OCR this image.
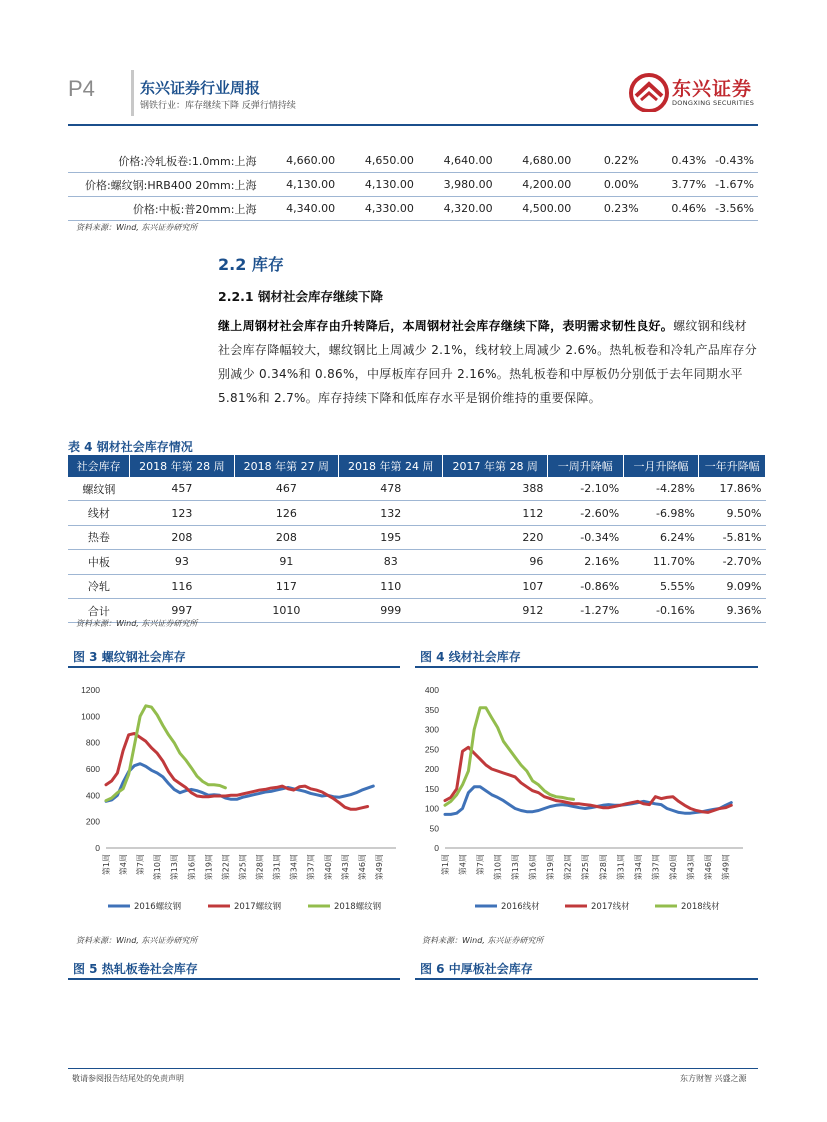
P4	东兴证券行业周报
钢铁行业：库存继续下降 反弹行情持续
东兴证券
DONGXING SECURITIES
价格:冷轧板卷:1.0mm:上海	4,660.00	4,650.00	4,640.00	4,680.00	0.22%	0.43%	-0.43%
价格:螺纹钢:HRB400 20mm:上海	4,130.00	4,130.00	3,980.00	4,200.00	0.00%	3.77%	-1.67%
价格:中板:普20mm:上海	4,340.00	4,330.00	4,320.00	4,500.00	0.23%	0.46%	-3.56%
资料来源：Wind, 东兴证券研究所
2.2 库存
2.2.1 钢材社会库存继续下降
继上周钢材社会库存由升转降后，本周钢材社会库存继续下降，表明需求韧性良好。螺纹钢和线材社会库存降幅较大，螺纹钢比上周减少 2.1%，线材较上周减少 2.6%。热轧板卷和冷轧产品库存分别减少 0.34%和 0.86%，中厚板库存回升 2.16%。热轧板卷和中厚板仍分别低于去年同期水平 5.81%和 2.7%。库存持续下降和低库存水平是钢价维持的重要保障。
表 4 钢材社会库存情况
社会库存	2018 年第 28 周	2018 年第 27 周	2018 年第 24 周	2017 年第 28 周	一周升降幅	一月升降幅	一年升降幅
螺纹钢	457	467	478	388	-2.10%	-4.28%	17.86%
线材	123	126	132	112	-2.60%	-6.98%	9.50%
热卷	208	208	195	220	-0.34%	6.24%	-5.81%
中板	93	91	83	96	2.16%	11.70%	-2.70%
冷轧	116	117	110	107	-0.86%	5.55%	9.09%
合计	997	1010	999	912	-1.27%	-0.16%	9.36%
资料来源：Wind, 东兴证券研究所
图 3 螺纹钢社会库存	图 4 线材社会库存
0
200
400
600
800
1000
1200
第1周 第4周 第7周 第10周 第13周 第16周 第19周 第22周 第25周 第28周 第31周 第34周 第37周 第40周 第43周 第46周 第49周
2016螺纹钢	2017螺纹钢	2018螺纹钢
0
50
100
150
200
250
300
350
400
第1周 第4周 第7周 第10周 第13周 第16周 第19周 第22周 第25周 第28周 第31周 第34周 第37周 第40周 第43周 第46周 第49周
2016线材	2017线材	2018线材
资料来源：Wind, 东兴证券研究所	资料来源：Wind, 东兴证券研究所
图 5 热轧板卷社会库存	图 6 中厚板社会库存
敬请参阅报告结尾处的免责声明	东方财智 兴盛之源
